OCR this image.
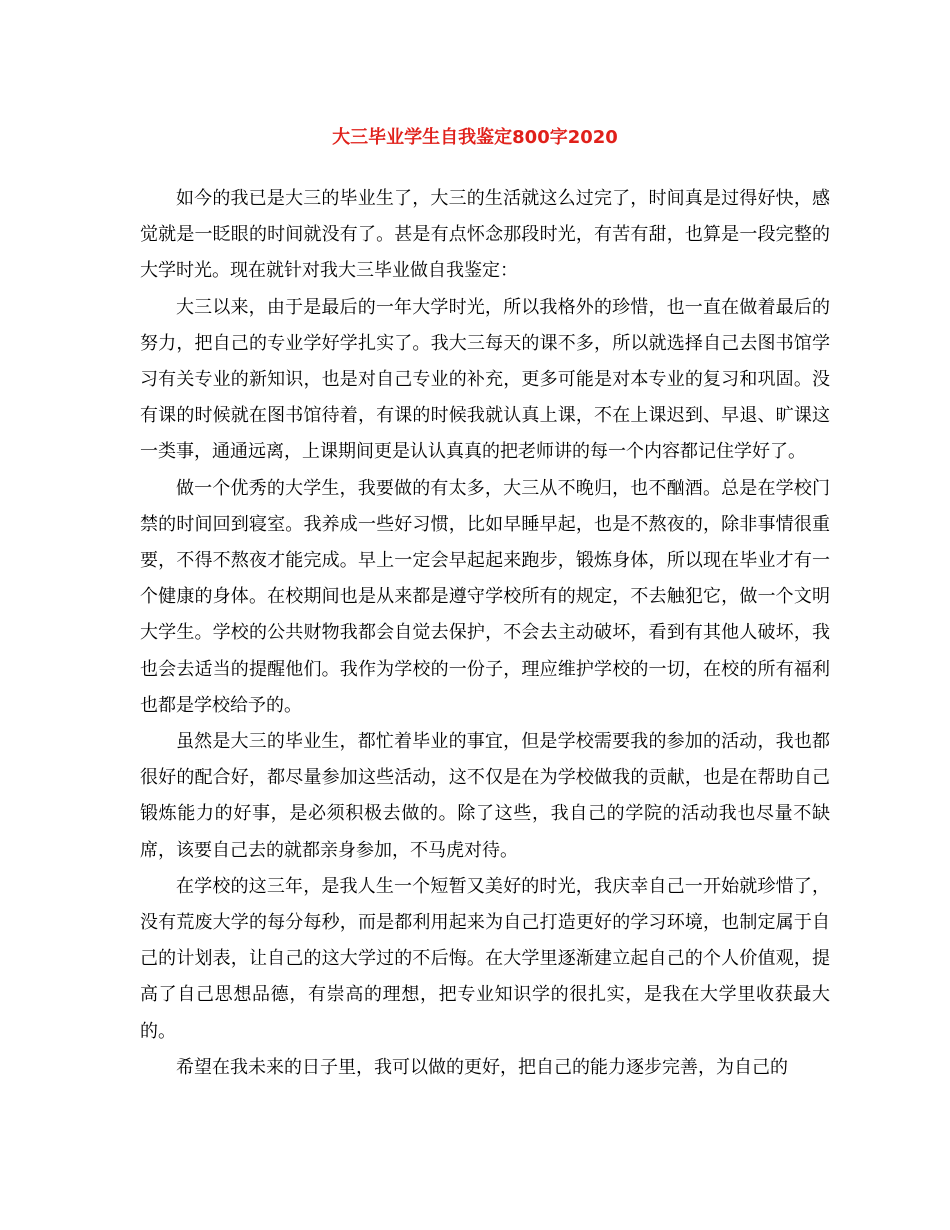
大三毕业学生自我鉴定800字2020

如今的我已是大三的毕业生了，大三的生活就这么过完了，时间真是过得好快，感觉就是一眨眼的时间就没有了。甚是有点怀念那段时光，有苦有甜，也算是一段完整的大学时光。现在就针对我大三毕业做自我鉴定：

大三以来，由于是最后的一年大学时光，所以我格外的珍惜，也一直在做着最后的努力，把自己的专业学好学扎实了。我大三每天的课不多，所以就选择自己去图书馆学习有关专业的新知识，也是对自己专业的补充，更多可能是对本专业的复习和巩固。没有课的时候就在图书馆待着，有课的时候我就认真上课，不在上课迟到、早退、旷课这一类事，通通远离，上课期间更是认认真真的把老师讲的每一个内容都记住学好了。

做一个优秀的大学生，我要做的有太多，大三从不晚归，也不酗酒。总是在学校门禁的时间回到寝室。我养成一些好习惯，比如早睡早起，也是不熬夜的，除非事情很重要，不得不熬夜才能完成。早上一定会早起起来跑步，锻炼身体，所以现在毕业才有一个健康的身体。在校期间也是从来都是遵守学校所有的规定，不去触犯它，做一个文明大学生。学校的公共财物我都会自觉去保护，不会去主动破坏，看到有其他人破坏，我也会去适当的提醒他们。我作为学校的一份子，理应维护学校的一切，在校的所有福利也都是学校给予的。

虽然是大三的毕业生，都忙着毕业的事宜，但是学校需要我的参加的活动，我也都很好的配合好，都尽量参加这些活动，这不仅是在为学校做我的贡献，也是在帮助自己锻炼能力的好事，是必须积极去做的。除了这些，我自己的学院的活动我也尽量不缺席，该要自己去的就都亲身参加，不马虎对待。

在学校的这三年，是我人生一个短暂又美好的时光，我庆幸自己一开始就珍惜了，没有荒废大学的每分每秒，而是都利用起来为自己打造更好的学习环境，也制定属于自己的计划表，让自己的这大学过的不后悔。在大学里逐渐建立起自己的个人价值观，提高了自己思想品德，有崇高的理想，把专业知识学的很扎实，是我在大学里收获最大的。

希望在我未来的日子里，我可以做的更好，把自己的能力逐步完善，为自己的
